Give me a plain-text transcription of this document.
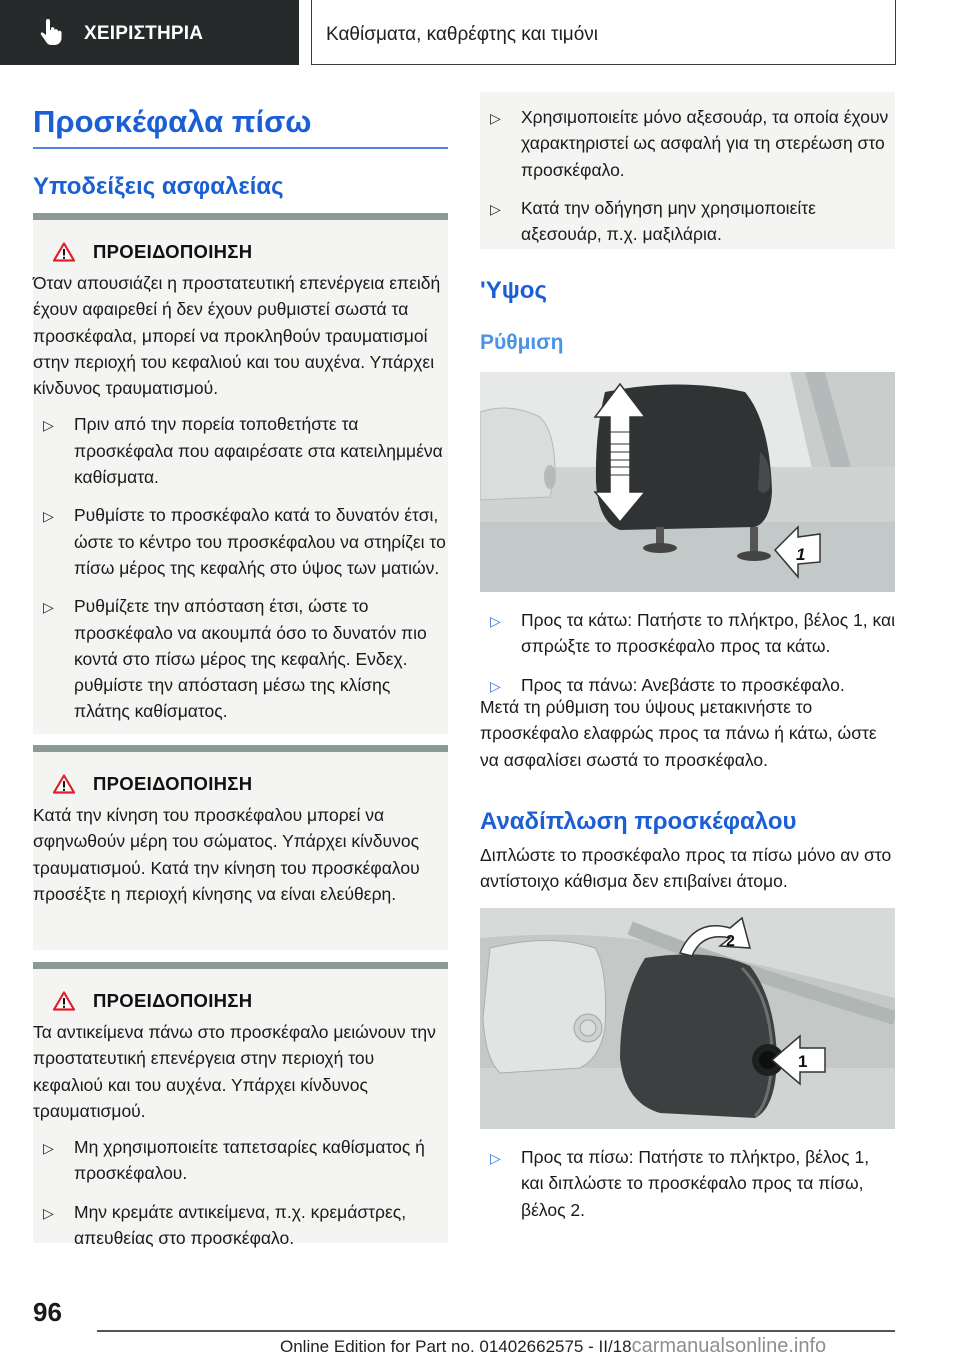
ΧΕΙΡΙΣΤΗΡΙΑ	Καθίσματα, καθρέφτης και τιμόνι
Προσκέφαλα πίσω
Υποδείξεις ασφαλείας
ΠΡΟΕΙΔΟΠΟΙΗΣΗ
Όταν απουσιάζει η προστατευτική επενέργεια επειδή έχουν αφαιρεθεί ή δεν έχουν ρυθμιστεί σωστά τα προσκέφαλα, μπορεί να προκληθούν τραυματισμοί στην περιοχή του κεφαλιού και του αυχένα. Υπάρχει κίνδυνος τραυματισμού.
▷ Πριν από την πορεία τοποθετήστε τα προσκέφαλα που αφαιρέσατε στα κατειλημμένα καθίσματα.
▷ Ρυθμίστε το προσκέφαλο κατά το δυνατόν έτσι, ώστε το κέντρο του προσκέφαλου να στηρίζει το πίσω μέρος της κεφαλής στο ύψος των ματιών.
▷ Ρυθμίζετε την απόσταση έτσι, ώστε το προσκέφαλο να ακουμπά όσο το δυνατόν πιο κοντά στο πίσω μέρος της κεφαλής. Ενδεχ. ρυθμίστε την απόσταση μέσω της κλίσης πλάτης καθίσματος.
ΠΡΟΕΙΔΟΠΟΙΗΣΗ
Κατά την κίνηση του προσκέφαλου μπορεί να σφηνωθούν μέρη του σώματος. Υπάρχει κίνδυνος τραυματισμού. Κατά την κίνηση του προσκέφαλου προσέξτε η περιοχή κίνησης να είναι ελεύθερη.
ΠΡΟΕΙΔΟΠΟΙΗΣΗ
Τα αντικείμενα πάνω στο προσκέφαλο μειώνουν την προστατευτική επενέργεια στην περιοχή του κεφαλιού και του αυχένα. Υπάρχει κίνδυνος τραυματισμού.
▷ Μη χρησιμοποιείτε ταπετσαρίες καθίσματος ή προσκέφαλου.
▷ Μην κρεμάτε αντικείμενα, π.χ. κρεμάστρες, απευθείας στο προσκέφαλο.
▷ Χρησιμοποιείτε μόνο αξεσουάρ, τα οποία έχουν χαρακτηριστεί ως ασφαλή για τη στερέωση στο προσκέφαλο.
▷ Κατά την οδήγηση μην χρησιμοποιείτε αξεσουάρ, π.χ. μαξιλάρια.
'Υψος
Ρύθμιση
1
▷ Προς τα κάτω: Πατήστε το πλήκτρο, βέλος 1, και σπρώξτε το προσκέφαλο προς τα κάτω.
▷ Προς τα πάνω: Ανεβάστε το προσκέφαλο.
Μετά τη ρύθμιση του ύψους μετακινήστε το προσκέφαλο ελαφρώς προς τα πάνω ή κάτω, ώστε να ασφαλίσει σωστά το προσκέφαλο.
Αναδίπλωση προσκέφαλου
Διπλώστε το προσκέφαλο προς τα πίσω μόνο αν στο αντίστοιχο κάθισμα δεν επιβαίνει άτομο.
2
1
▷ Προς τα πίσω: Πατήστε το πλήκτρο, βέλος 1, και διπλώστε το προσκέφαλο προς τα πίσω, βέλος 2.
96
Online Edition for Part no. 01402662575 - II/18carmanualsonline.info
